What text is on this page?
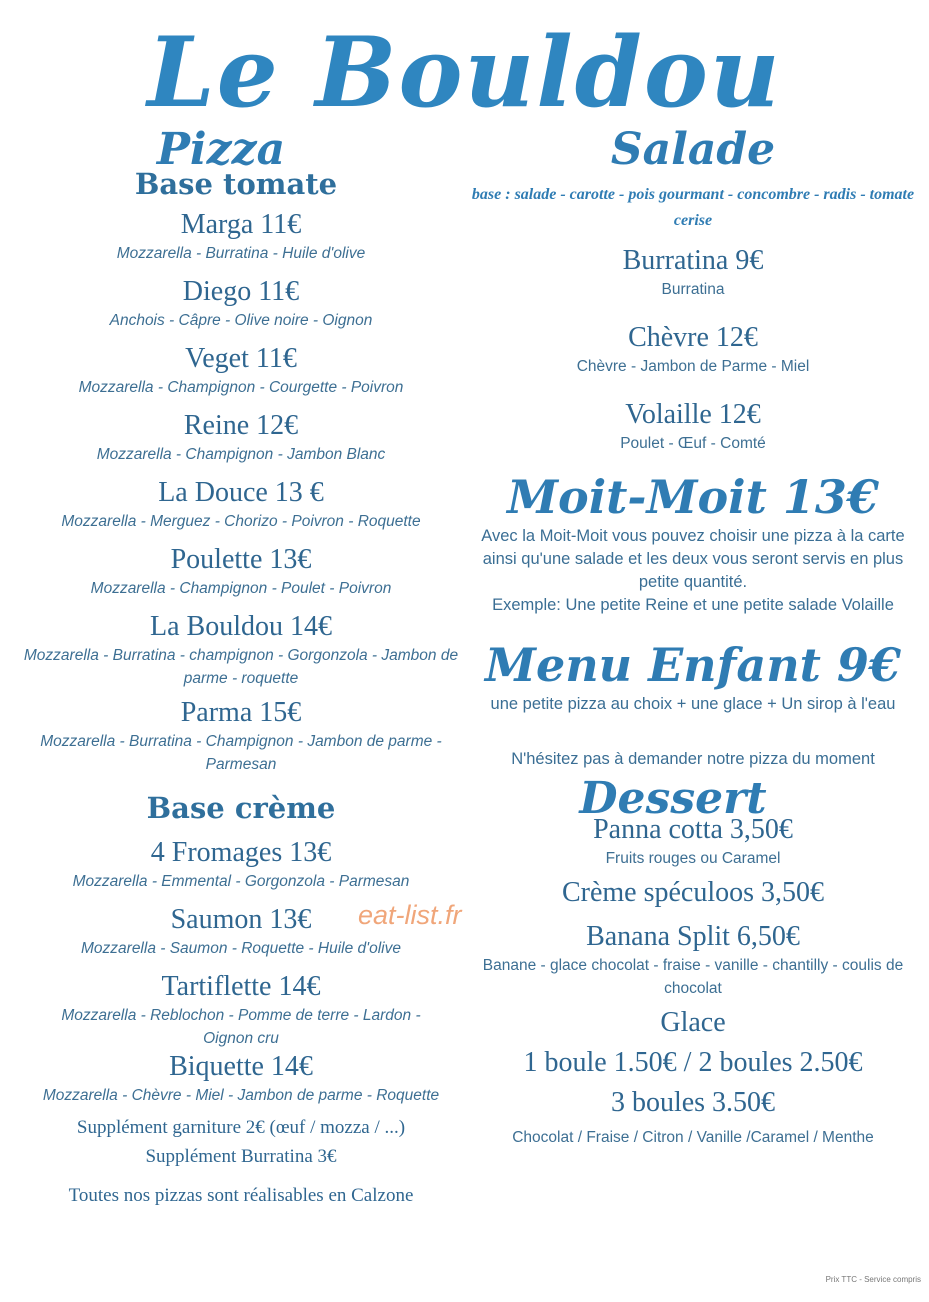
Le Bouldou
Pizza
Base tomate
Marga 11€
Mozzarella - Burratina - Huile d'olive
Diego 11€
Anchois - Câpre - Olive noire - Oignon
Veget 11€
Mozzarella - Champignon - Courgette - Poivron
Reine 12€
Mozzarella - Champignon - Jambon Blanc
La Douce 13 €
Mozzarella - Merguez - Chorizo - Poivron - Roquette
Poulette 13€
Mozzarella - Champignon - Poulet - Poivron
La Bouldou 14€
Mozzarella - Burratina - champignon - Gorgonzola - Jambon de parme - roquette
Parma 15€
Mozzarella - Burratina - Champignon - Jambon de parme - Parmesan
Base crème
4 Fromages 13€
Mozzarella - Emmental - Gorgonzola - Parmesan
Saumon 13€
Mozzarella - Saumon - Roquette - Huile d'olive
Tartiflette 14€
Mozzarella - Reblochon - Pomme de terre - Lardon - Oignon cru
Biquette 14€
Mozzarella - Chèvre - Miel - Jambon de parme - Roquette
Supplément garniture 2€ (œuf / mozza / ...)
Supplément Burratina 3€
Toutes nos pizzas sont réalisables en Calzone
Salade
base : salade - carotte - pois gourmant - concombre - radis - tomate cerise
Burratina 9€
Burratina
Chèvre 12€
Chèvre - Jambon de Parme - Miel
Volaille 12€
Poulet - Œuf - Comté
Moit-Moit 13€
Avec la Moit-Moit vous pouvez choisir une pizza à la carte ainsi qu'une salade et les deux vous seront servis en plus petite quantité.
Exemple: Une petite Reine et une petite salade Volaille
Menu Enfant 9€
une petite pizza au choix + une glace + Un sirop à l'eau
N'hésitez pas à demander notre pizza du moment
Dessert
Panna cotta 3,50€
Fruits rouges ou Caramel
Crème spéculoos 3,50€
Banana Split 6,50€
Banane - glace chocolat - fraise - vanille - chantilly - coulis de chocolat
Glace
1 boule 1.50€ / 2 boules 2.50€
3 boules 3.50€
Chocolat / Fraise / Citron / Vanille /Caramel / Menthe
eat-list.fr
Prix TTC - Service compris
